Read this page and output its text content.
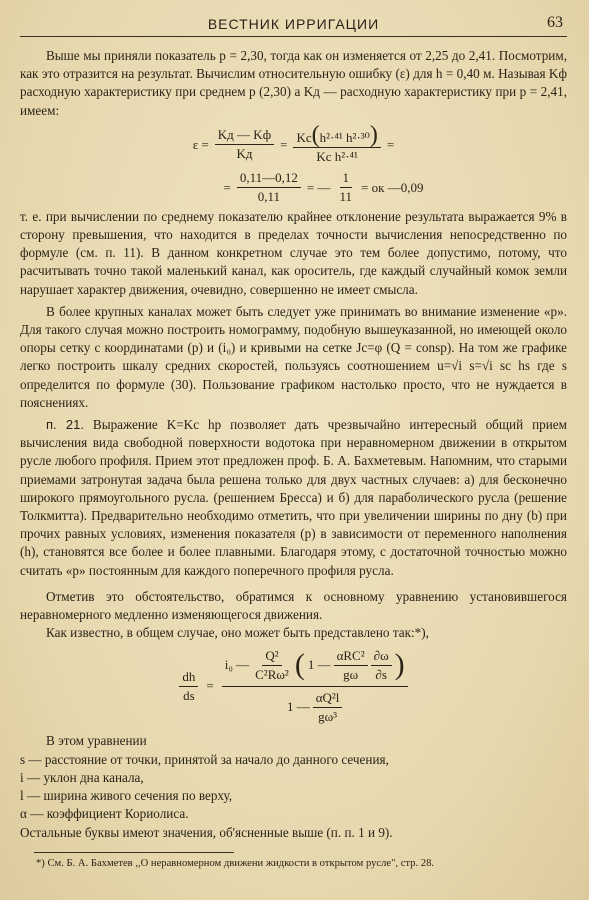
ВЕСТНИК ИРРИГАЦИИ	63

Выше мы приняли показатель p = 2,30, тогда как он изменяется от 2,25 до 2,41. Посмотрим, как это отразится на результат. Вычислим относительную ошибку (ε) для h = 0,40 м. Называя Kф расходную характеристику при среднем p (2,30) а Kд — расходную характеристику при p = 2,41, имеем:

$\varepsilon = \frac{Kд — Kф}{Kд} = \frac{\text{Kс(h²·⁴¹ h²·³⁰)}}{\text{Kс h²·⁴¹}}$ =
= $\frac{0,11—0,12}{0,11}$ = — $\frac{1}{11}$ = ок —0,09

т. е. при вычислении по среднему показателю крайнее отклонение результата выражается 9% в сторону превышения, что находится в пределах точности вычисления непосредственно по формуле (см. п. 11). В данном конкретном случае это тем более допустимо, потому, что расчитывать точно такой маленький канал, как ороситель, где каждый случайный комок земли нарушает характер движения, очевидно, совершенно не имеет смысла.

В более крупных каналах может быть следует уже принимать во внимание изменение «p». Для такого случая можно построить номограмму, подобную вышеуказанной, но имеющей около опоры сетку с координатами (p) и (i₀) и кривыми на сетке Jc=φ (Q = consp). На том же графике легко построить шкалу средних скоростей, пользуясь соотношением u=√i s=√i sc hs где s определится по формуле (30). Пользование графиком настолько просто, что не нуждается в пояснениях.

п. 21. Выражение K=Kc hp позволяет дать чрезвычайно интересный общий прием вычисления вида свободной поверхности водотока при неравномерном движении в открытом русле любого профиля. Прием этот предложен проф. Б. А. Бахметевым. Напомним, что старыми приемами затронутая задача была решена только для двух частных случаев: а) для бесконечно широкого прямоугольного русла. (решением Бресса) и б) для параболического русла (решение Толкмитта). Предварительно необходимо отметить, что при увеличении ширины по дну (b) при прочих равных условиях, изменения показателя (p) в зависимости от переменного наполнения (h), становятся все более и более плавными. Благодаря этому, с достаточной точностью можно считать «p» постоянным для каждого поперечного профиля русла.

Отметив это обстоятельство, обратимся к основному уравнению установившегося неравномерного медленно изменяющегося движения.

Как известно, в общем случае, оно может быть представлено так:*),

$\frac{dh}{ds}$ =
i₀ — $\frac{\text{Q²}}{\text{C²Rω²}}$ ( 1 — $\frac{\text{αRC²}}{g\omega} \frac{\partial\omega}{\partial s}$ )
1 — $\frac{\text{αQ²l}}{\text{gω³}}$

В этом уравнении

s — расстояние от точки, принятой за начало до данного сечения,

i — уклон дна канала,

l — ширина живого сечения по верху,

α — коэффициент Кориолиса.

Остальные буквы имеют значения, об'ясненные выше (п. п. 1 и 9).

*) См. Б. А. Бахметев ,,О неравномерном движени жидкости в открытом русле", стр. 28.
